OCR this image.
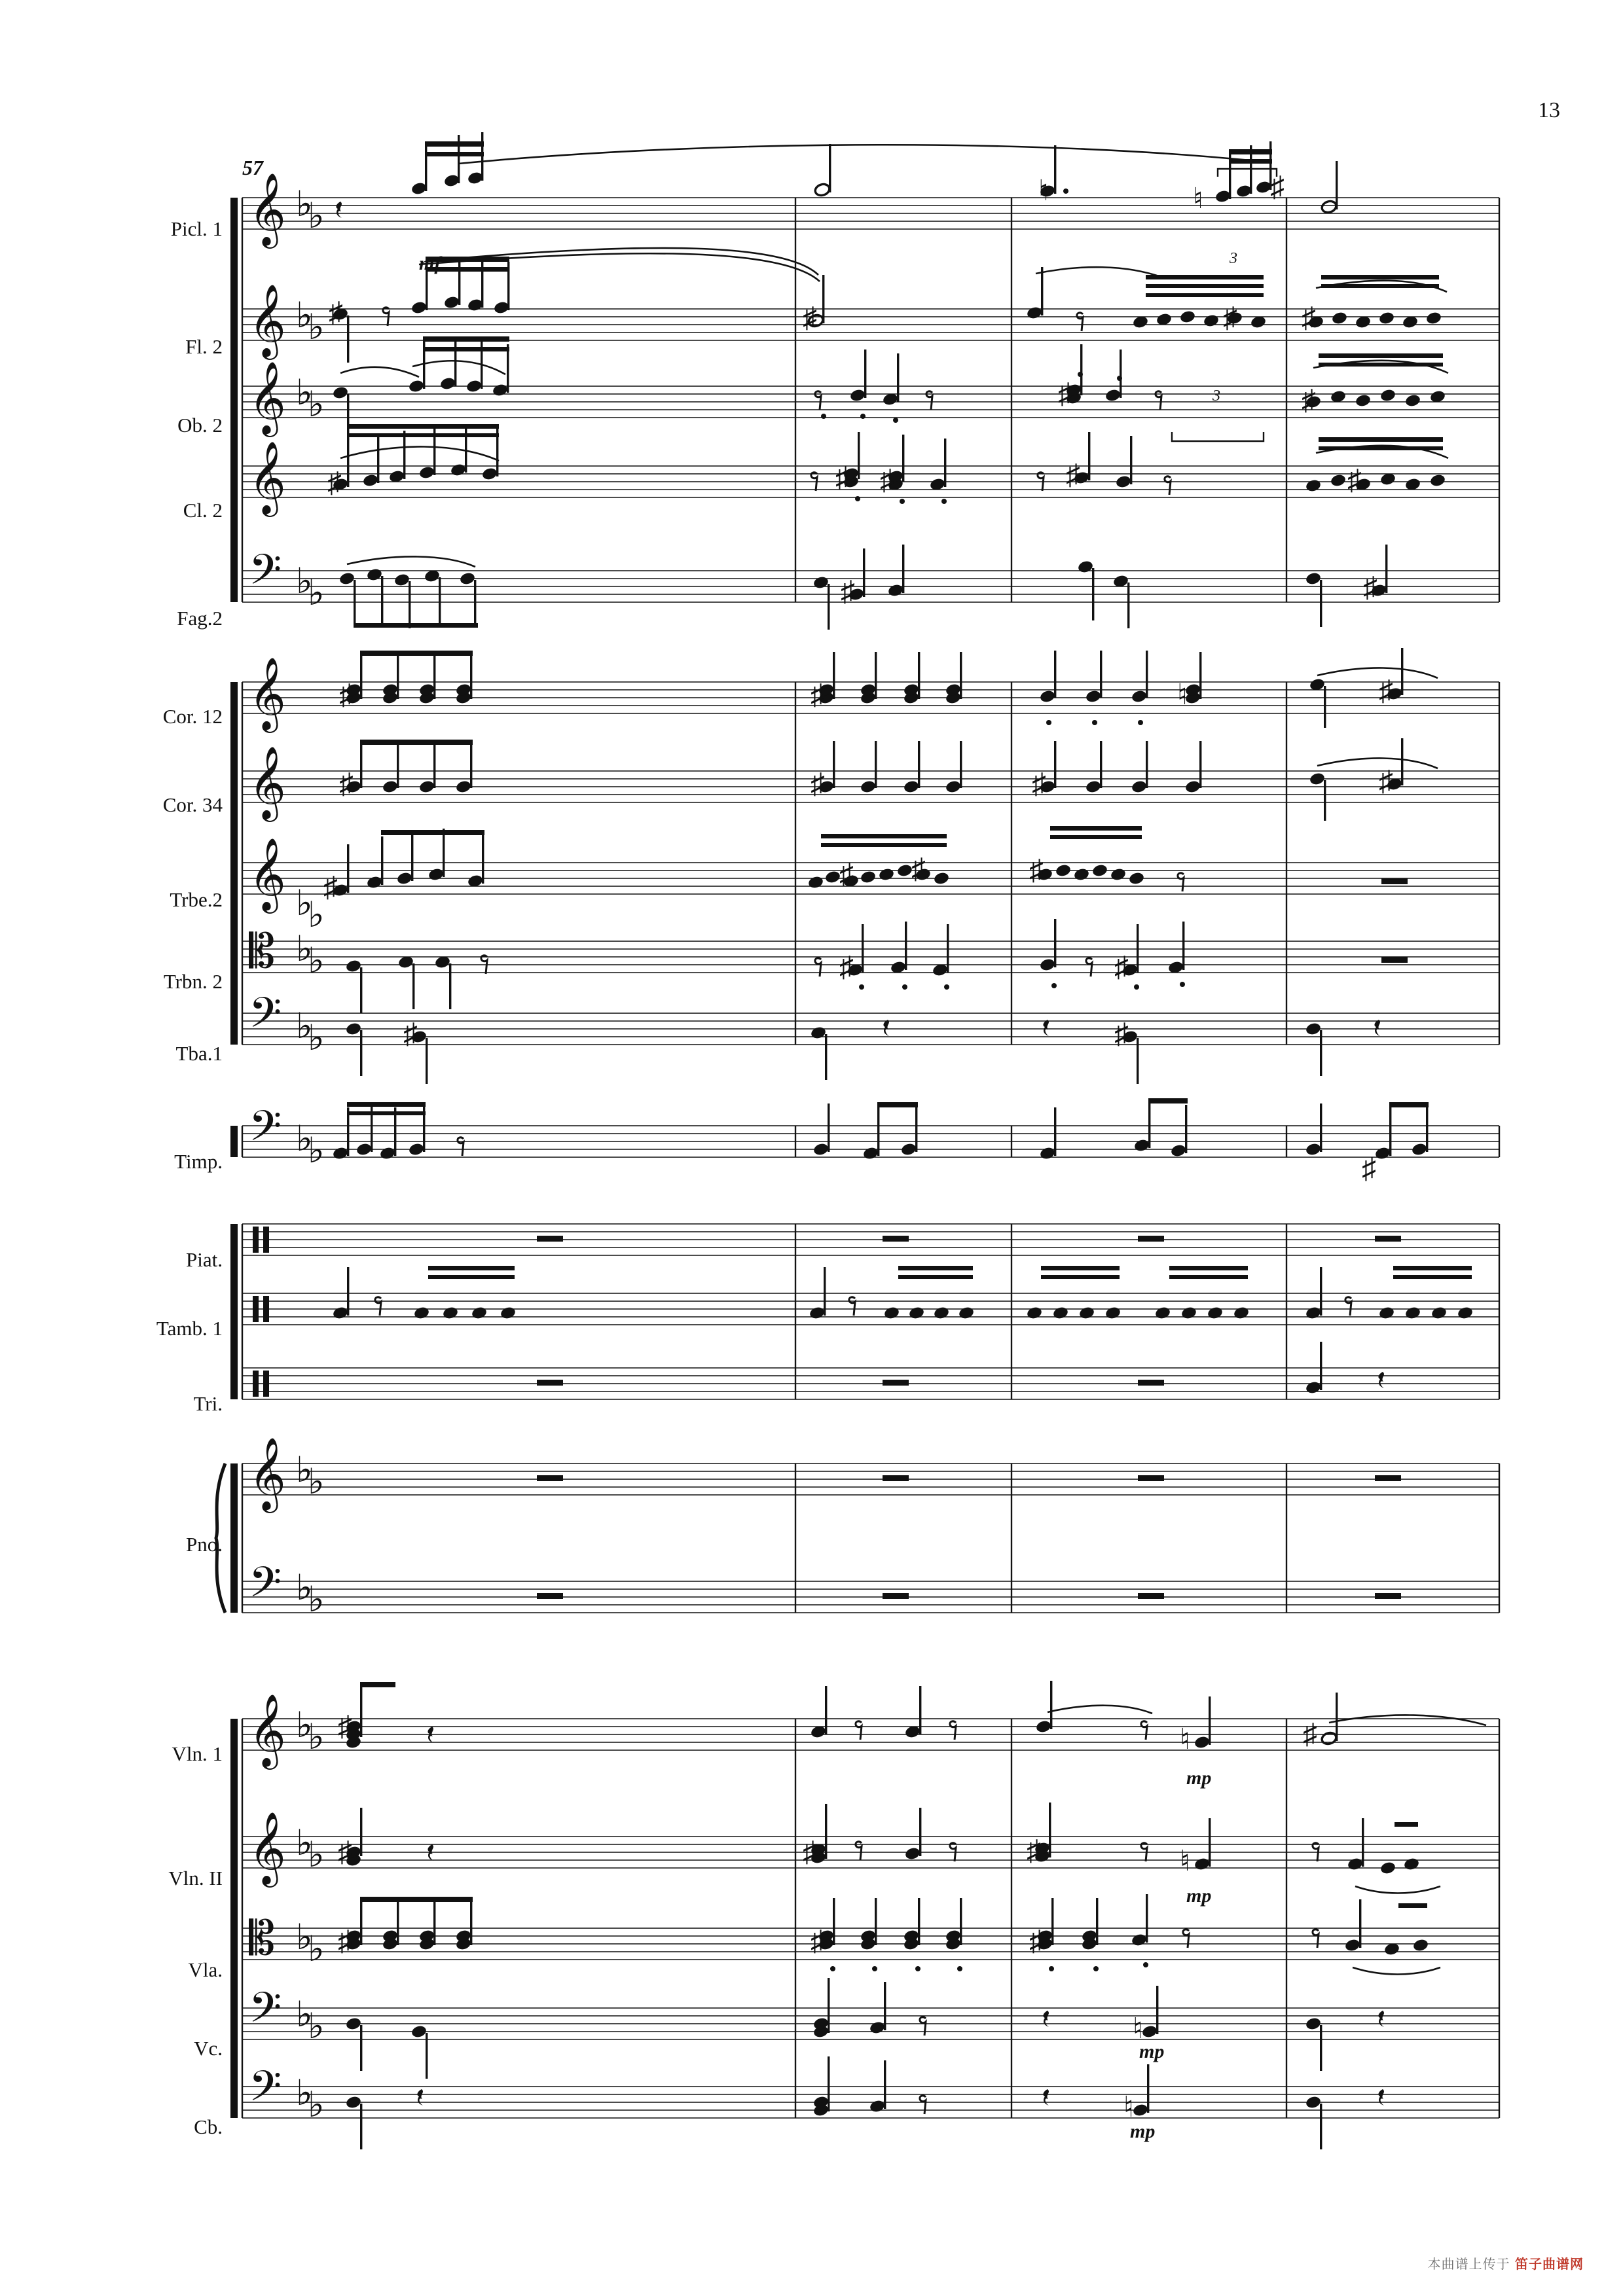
13
𝄞
𝄞
𝄞
𝄞
𝄢
𝄞
𝄞
𝄞
𝄡
𝄢
𝄢
𝄞
𝄢
𝄞
𝄞
𝄡
𝄢
𝄢
♭
♭
♭
♭
♭
♭
♭
♭
♭
♭
♭
♭
♭
♭
♭
♭
♭
♭
♭
♭
♭
♭
♭
♭
♭
♭
♭
♭
♭
♭
♮
♮	♯
♯	♯	♯ ♯
♯
♯
♯	♯ ♯	♯	♯
♯	♯
♯	♯	♮	♯
♯	♯	♯	♯
♯	♯ ♯	♯
♯	♯
♯	♯
♯
♯	♮	♯
♯	♯	♯	♮
♯	♯	♯
♮
♮
57
Picl. 1
Fl. 2
Ob. 2
Cl. 2
Fag.2
Cor. 12
Cor. 34
Trbe.2
Trbn. 2
Tba.1
Timp.
Piat.
Tamb. 1
Tri.
Pno.
Vln. 1
Vln. II
Vla.
Vc.
Cb.
mf
mp
mp
mp
mp
3
3
本曲谱上传于 笛子曲谱网
